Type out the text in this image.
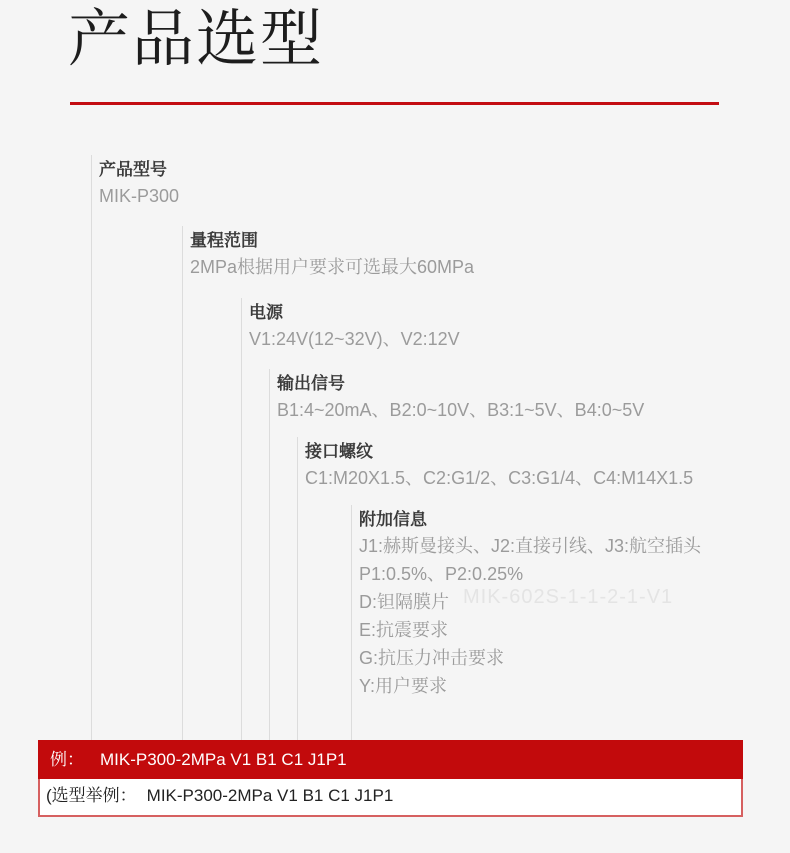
产品选型
产品型号
MIK-P300
量程范围
2MPa根据用户要求可选最大60MPa
电源
V1:24V(12~32V)、V2:12V
输出信号
B1:4~20mA、B2:0~10V、B3:1~5V、B4:0~5V
接口螺纹
C1:M20X1.5、C2:G1/2、C3:G1/4、C4:M14X1.5
附加信息
J1:赫斯曼接头、J2:直接引线、J3:航空插头
P1:0.5%、P2:0.25%
D:钽隔膜片
E:抗震要求
G:抗压力冲击要求
Y:用户要求
MIK-602S-1-1-2-1-V1
例： MIK-P300-2MPa V1 B1 C1 J1P1
(选型举例： MIK-P300-2MPa V1 B1 C1 J1P1
